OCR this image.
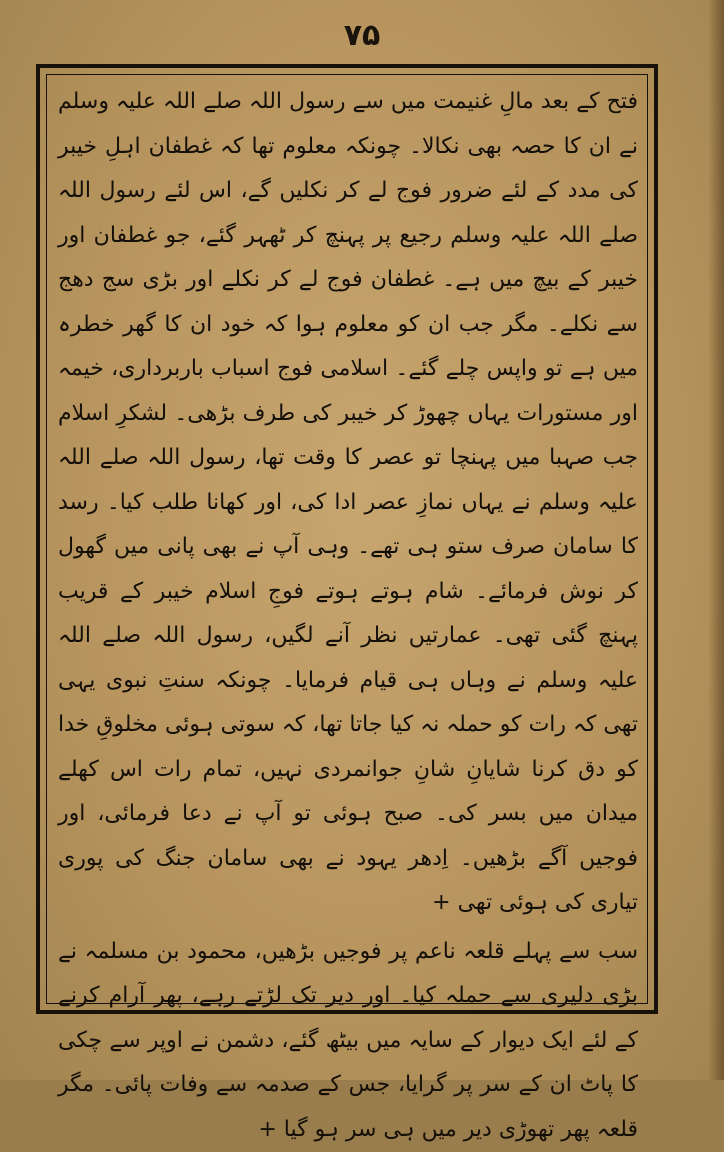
۷۵

فتح کے بعد مالِ غنیمت میں سے رسول اللہ صلے اللہ علیہ وسلم نے ان کا حصہ بھی نکالا۔ چونکہ معلوم تھا کہ غطفان اہلِ خیبر کی مدد کے لئے ضرور فوج لے کر نکلیں گے، اس لئے رسول اللہ صلے اللہ علیہ وسلم رجیع پر پہنچ کر ٹھہر گئے، جو غطفان اور خیبر کے بیچ میں ہے۔ غطفان فوج لے کر نکلے اور بڑی سج دھج سے نکلے۔ مگر جب ان کو معلوم ہوا کہ خود ان کا گھر خطرہ میں ہے تو واپس چلے گئے۔ اسلامی فوج اسباب باربرداری، خیمہ اور مستورات یہاں چھوڑ کر خیبر کی طرف بڑھی۔ لشکرِ اسلام جب صہبا میں پہنچا تو عصر کا وقت تھا، رسول اللہ صلے اللہ علیہ وسلم نے یہاں نمازِ عصر ادا کی، اور کھانا طلب کیا۔ رسد کا سامان صرف ستو ہی تھے۔ وہی آپ نے بھی پانی میں گھول کر نوش فرمائے۔ شام ہوتے ہوتے فوجِ اسلام خیبر کے قریب پہنچ گئی تھی۔ عمارتیں نظر آنے لگیں، رسول اللہ صلے اللہ علیہ وسلم نے وہاں ہی قیام فرمایا۔ چونکہ سنتِ نبوی یہی تھی کہ رات کو حملہ نہ کیا جاتا تھا، کہ سوتی ہوئی مخلوقِ خدا کو دق کرنا شایانِ شانِ جوانمردی نہیں، تمام رات اس کھلے میدان میں بسر کی۔ صبح ہوئی تو آپ نے دعا فرمائی، اور فوجیں آگے بڑھیں۔ اِدھر یہود نے بھی سامان جنگ کی پوری تیاری کی ہوئی تھی +

سب سے پہلے قلعہ ناعم پر فوجیں بڑھیں، محمود بن مسلمہ نے بڑی دلیری سے حملہ کیا۔ اور دیر تک لڑتے رہے، پھر آرام کرنے کے لئے ایک دیوار کے سایہ میں بیٹھ گئے، دشمن نے اوپر سے چکی کا پاٹ ان کے سر پر گرایا، جس کے صدمہ سے وفات پائی۔ مگر قلعہ پھر تھوڑی دیر میں ہی سر ہو گیا +
